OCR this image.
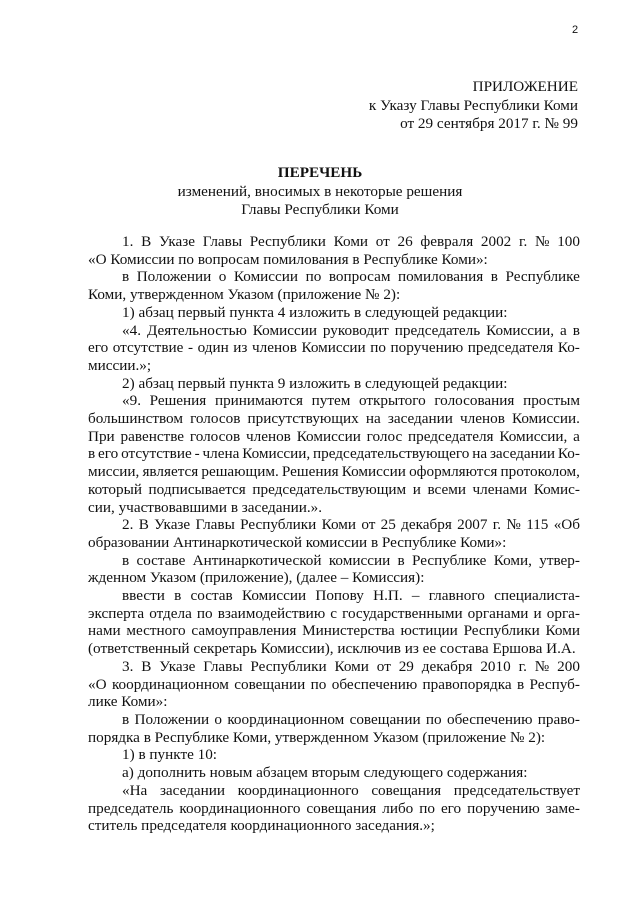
2
ПРИЛОЖЕНИЕ
к Указу Главы Республики Коми
от 29 сентября 2017 г. № 99
ПЕРЕЧЕНЬ
изменений, вносимых в некоторые решения
Главы Республики Коми
1. В Указе Главы Республики Коми от 26 февраля 2002 г. № 100
«О Комиссии по вопросам помилования в Республике Коми»:
в Положении о Комиссии по вопросам помилования в Республике
Коми, утвержденном Указом (приложение № 2):
1) абзац первый пункта 4 изложить в следующей редакции:
«4. Деятельностью Комиссии руководит председатель Комиссии, а в
его отсутствие - один из членов Комиссии по поручению председателя Ко-
миссии.»;
2) абзац первый пункта 9 изложить в следующей редакции:
«9. Решения принимаются путем открытого голосования простым
большинством голосов присутствующих на заседании членов Комиссии.
При равенстве голосов членов Комиссии голос председателя Комиссии, а
в его отсутствие - члена Комиссии, председательствующего на заседании Ко-
миссии, является решающим. Решения Комиссии оформляются протоколом,
который подписывается председательствующим и всеми членами Комис-
сии, участвовавшими в заседании.».
2. В Указе Главы Республики Коми от 25 декабря 2007 г. № 115 «Об
образовании Антинаркотической комиссии в Республике Коми»:
в составе Антинаркотической комиссии в Республике Коми, утвер-
жденном Указом (приложение), (далее – Комиссия):
ввести в состав Комиссии Попову Н.П. – главного специалиста-
эксперта отдела по взаимодействию с государственными органами и орга-
нами местного самоуправления Министерства юстиции Республики Коми
(ответственный секретарь Комиссии), исключив из ее состава Ершова И.А.
3. В Указе Главы Республики Коми от 29 декабря 2010 г. № 200
«О координационном совещании по обеспечению правопорядка в Респуб-
лике Коми»:
в Положении о координационном совещании по обеспечению право-
порядка в Республике Коми, утвержденном Указом (приложение № 2):
1) в пункте 10:
а) дополнить новым абзацем вторым следующего содержания:
«На заседании координационного совещания председательствует
председатель координационного совещания либо по его поручению заме-
ститель председателя координационного заседания.»;
